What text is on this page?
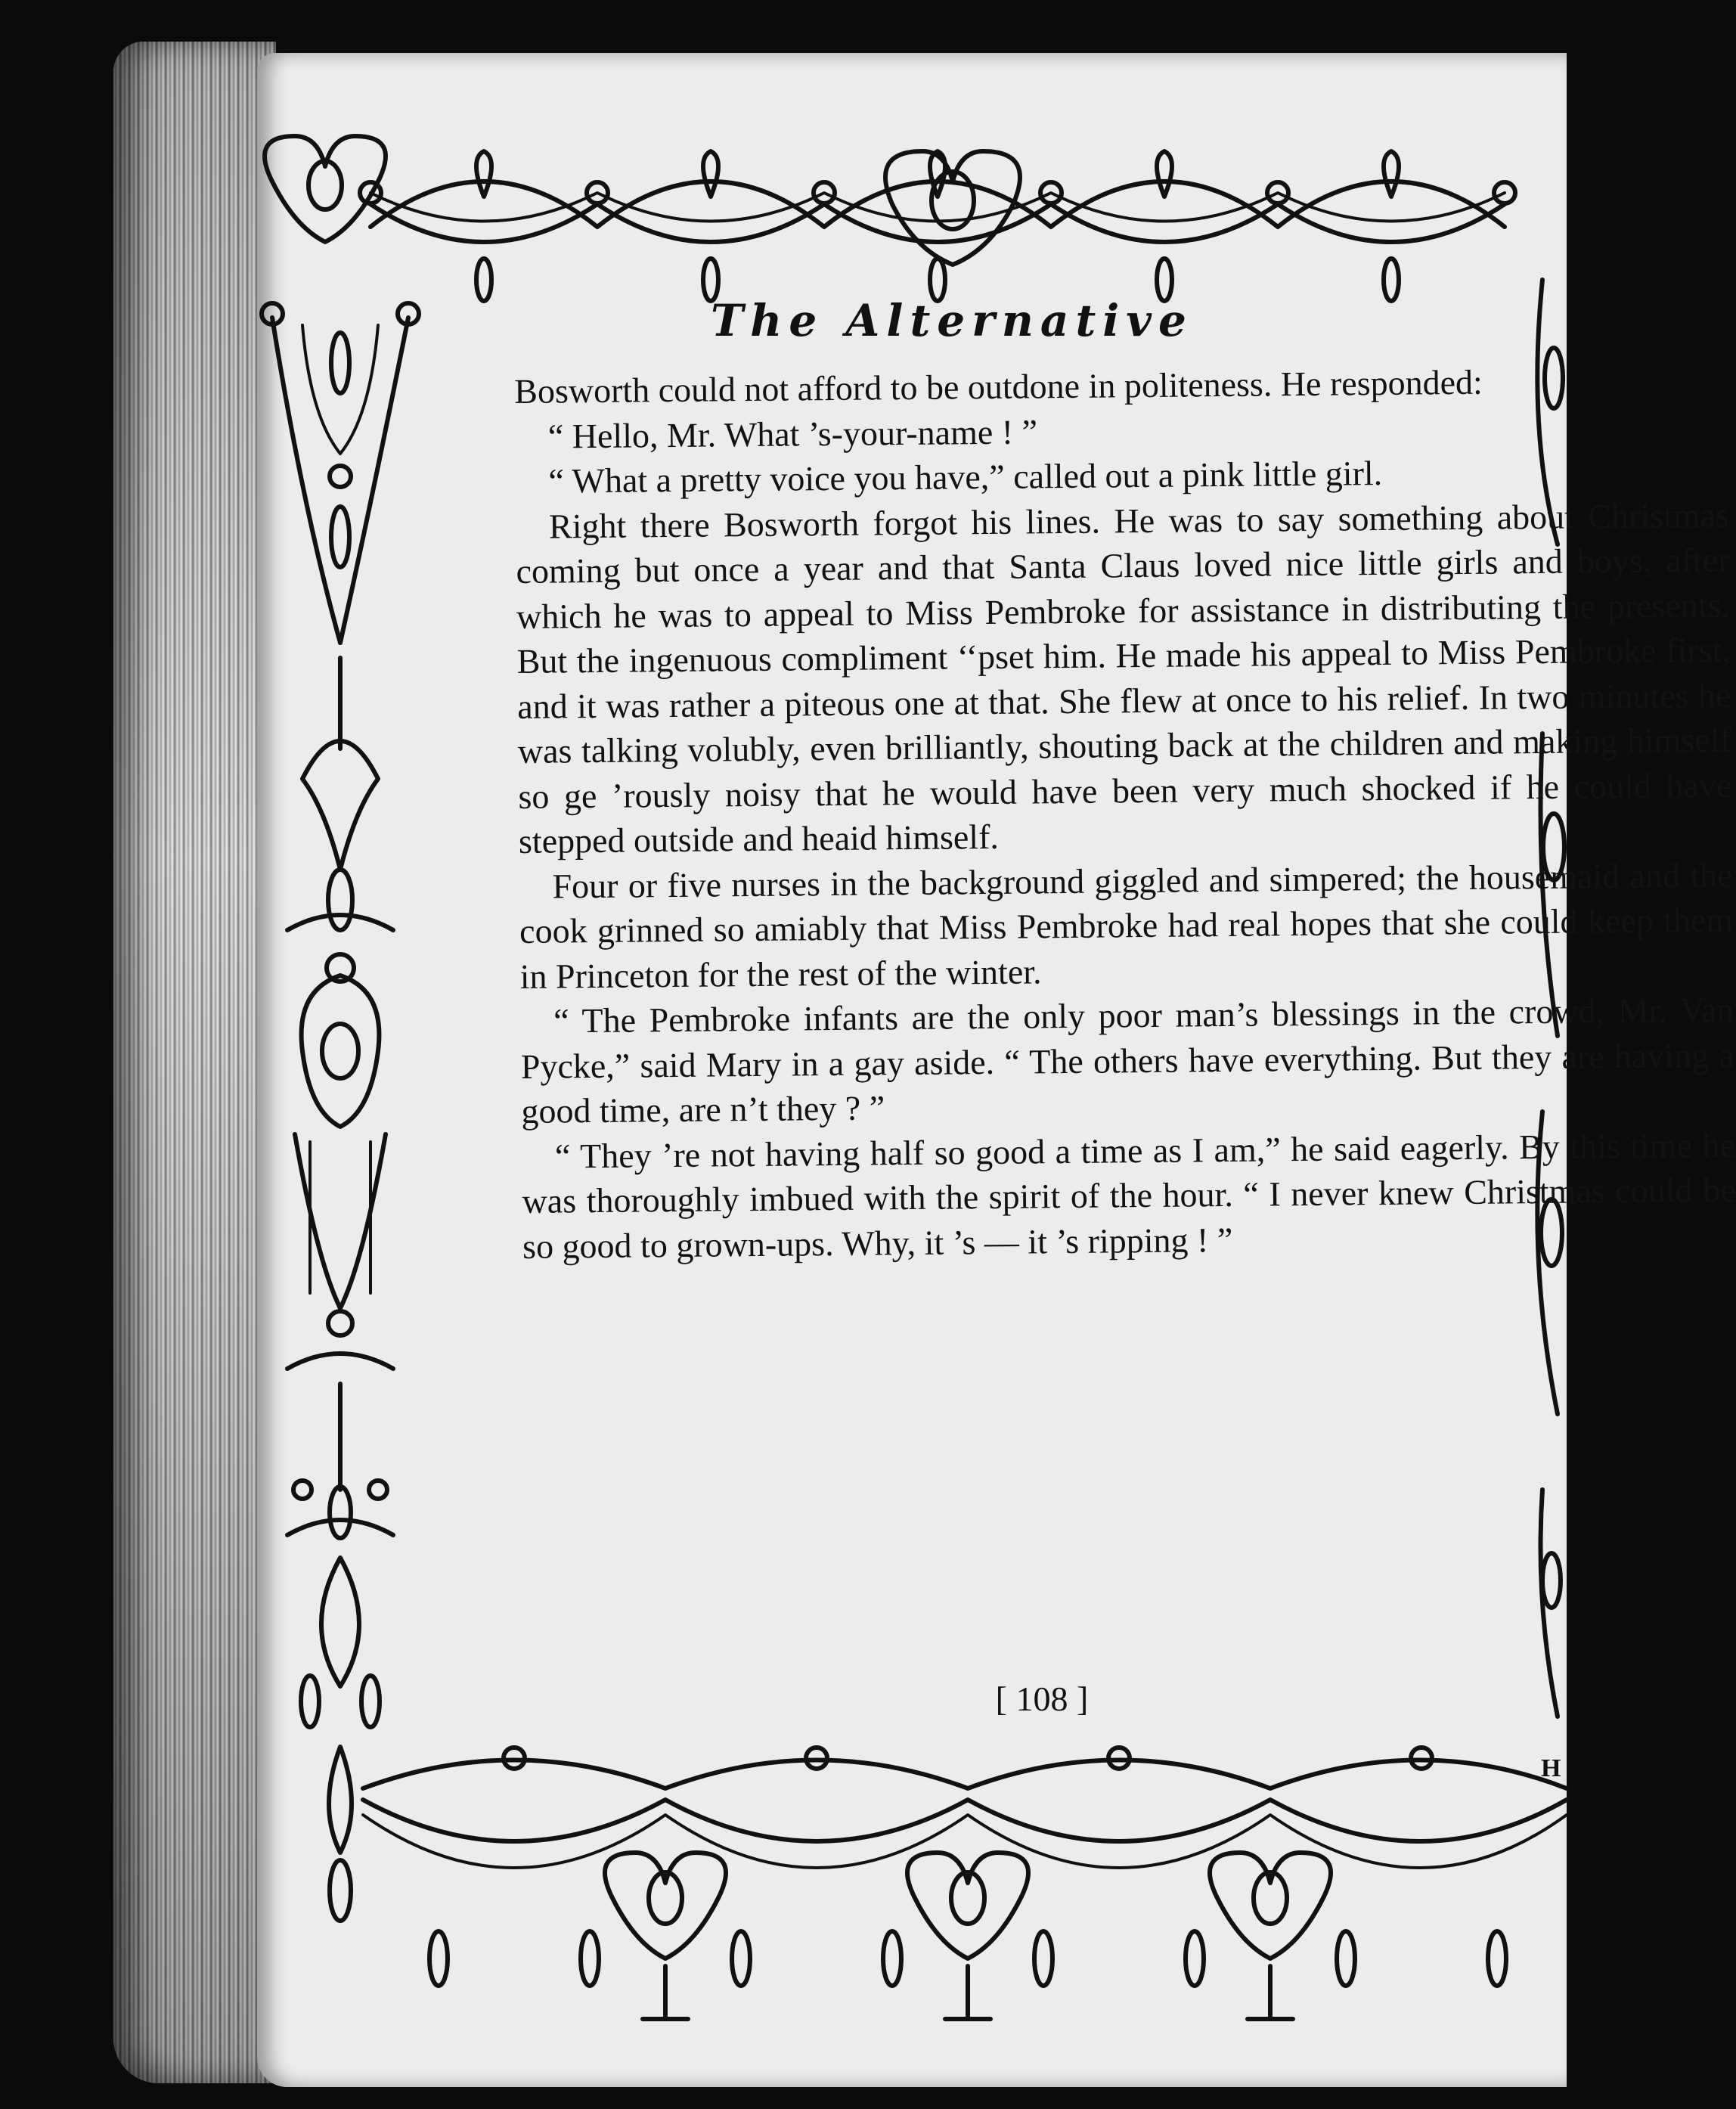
The Alternative

Bosworth could not afford to be outdone in politeness. He responded:

“ Hello, Mr. What ’s-your-name ! ”

“ What a pretty voice you have,” called out a pink little girl.

Right there Bosworth forgot his lines. He was to say something about Christmas coming but once a year and that Santa Claus loved nice little girls and boys, after which he was to appeal to Miss Pembroke for assistance in distributing the presents. But the ingenuous compliment ‘‘pset him. He made his appeal to Miss Pembroke first, and it was rather a piteous one at that. She flew at once to his relief. In two minutes he was talking volubly, even brilliantly, shouting back at the children and making himself so ge ’rously noisy that he would have been very much shocked if he could have stepped outside and heaid himself.

Four or five nurses in the background giggled and simpered; the housemaid and the cook grinned so amiably that Miss Pembroke had real hopes that she could keep them in Princeton for the rest of the winter.

“ The Pembroke infants are the only poor man’s blessings in the crowd, Mr. Van Pycke,” said Mary in a gay aside. “ The others have everything. But they are having a good time, are n’t they ? ”

“ They ’re not having half so good a time as I am,” he said eagerly. By this time he was thoroughly imbued with the spirit of the hour. “ I never knew Christmas could be so good to grown-ups. Why, it ’s — it ’s ripping ! ”

[ 108 ]
H
